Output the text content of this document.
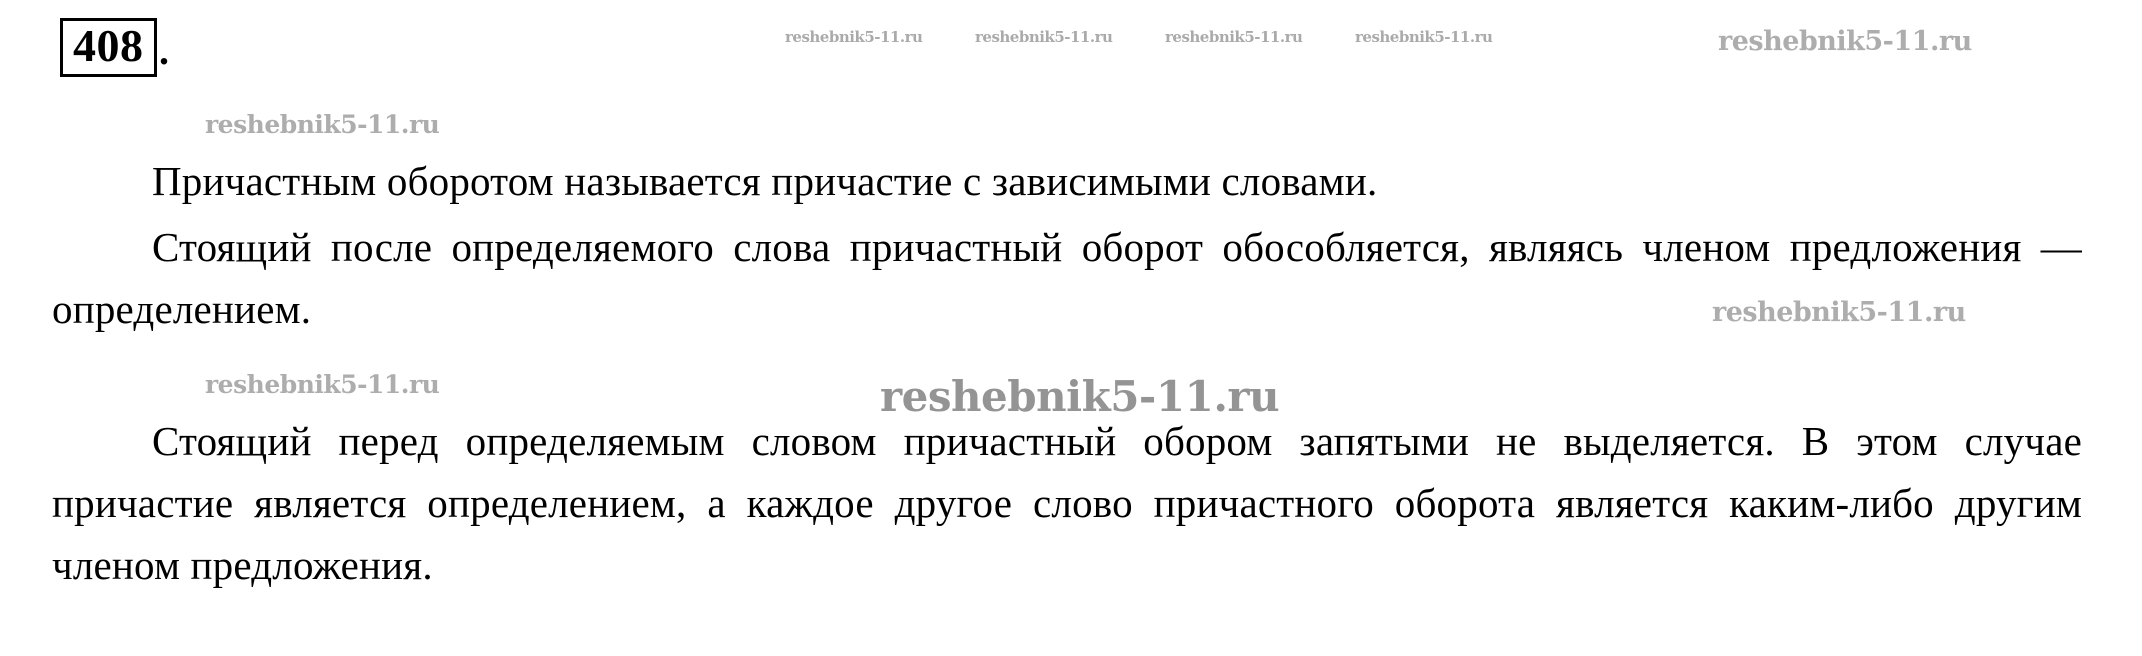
408 .

Причастным оборотом называется причастие с зависимыми словами.

Стоящий после определяемого слова причастный оборот обособляется, являясь членом предложения — определением.

Стоящий перед определяемым словом причастный обором запятыми не выделяется. В этом случае причастие является определением, а каждое другое слово причастного оборота является каким-либо другим членом предложения.

reshebnik5-11.ru	reshebnik5-11.ru	reshebnik5-11.ru	reshebnik5-11.ru	reshebnik5-11.ru
reshebnik5-11.ru
reshebnik5-11.ru
reshebnik5-11.ru	reshebnik5-11.ru
